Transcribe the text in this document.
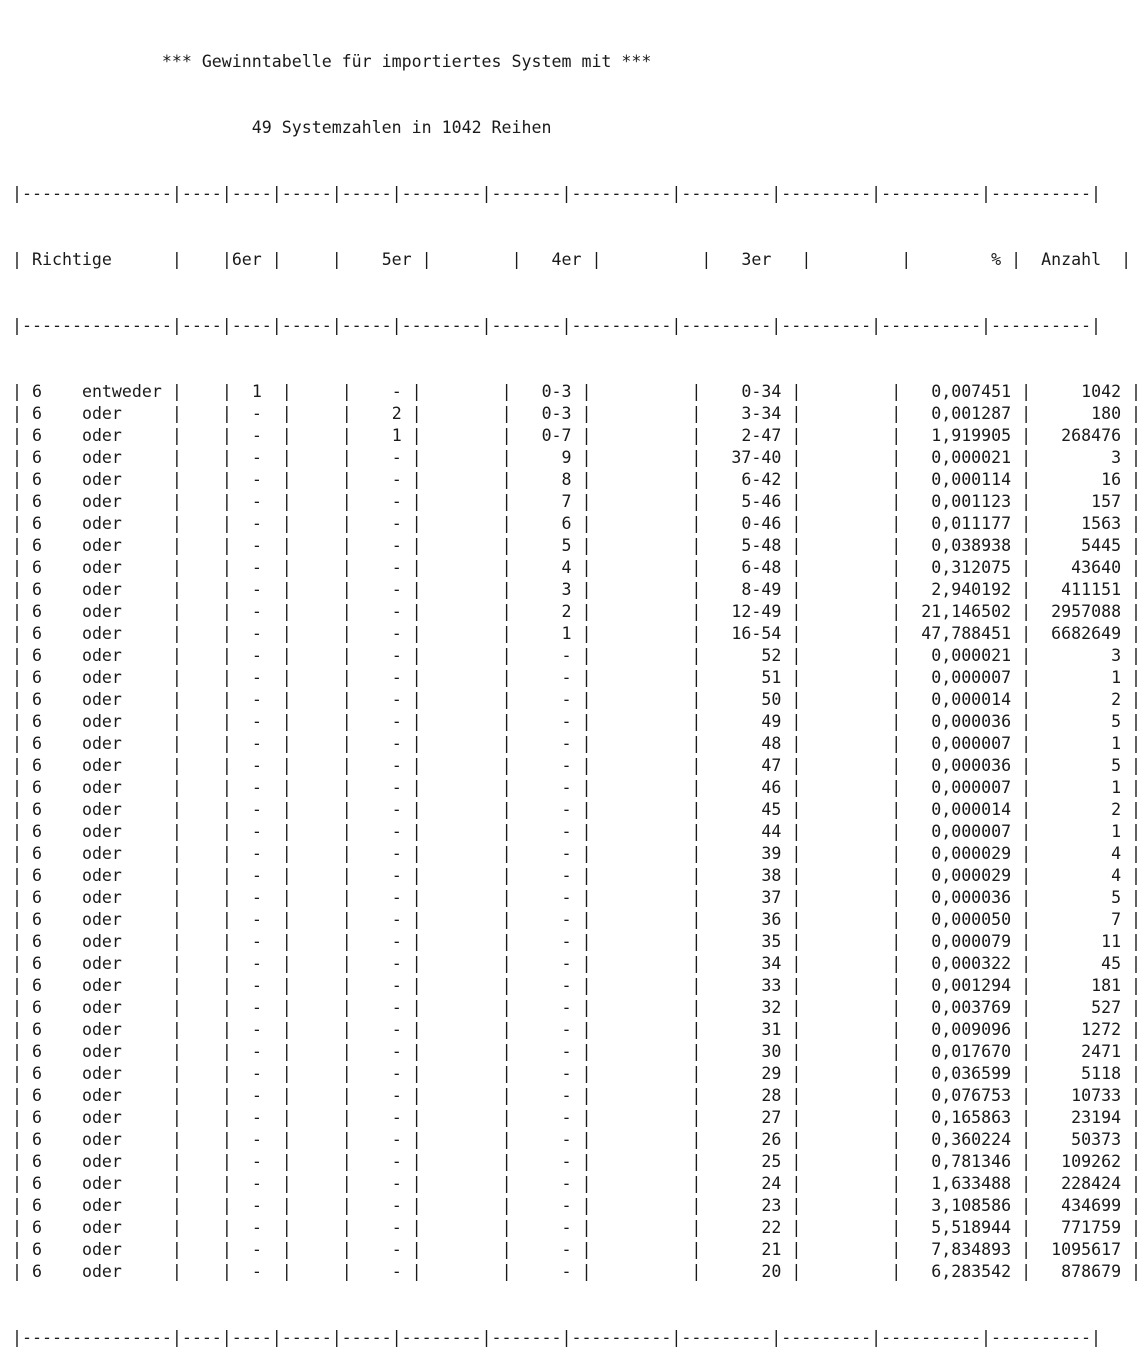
*** Gewinntabelle für importiertes System mit ***

49 Systemzahlen in 1042 Reihen

|---------------|----|----|-----|-----|--------|-------|----------|---------|---------|----------|----------|

| Richtige      |    |6er |     |    5er |        |   4er |          |   3er   |         |        % |  Anzahl  |

|---------------|----|----|-----|-----|--------|-------|----------|---------|---------|----------|----------|

| 6    entweder |    |  1  |     |    - |        |   0-3 |          |    0-34 |         |   0,007451 |     1042 |
| 6    oder     |    |  -  |     |    2 |        |   0-3 |          |    3-34 |         |   0,001287 |      180 |
| 6    oder     |    |  -  |     |    1 |        |   0-7 |          |    2-47 |         |   1,919905 |   268476 |
| 6    oder     |    |  -  |     |    - |        |     9 |          |   37-40 |         |   0,000021 |        3 |
| 6    oder     |    |  -  |     |    - |        |     8 |          |    6-42 |         |   0,000114 |       16 |
| 6    oder     |    |  -  |     |    - |        |     7 |          |    5-46 |         |   0,001123 |      157 |
| 6    oder     |    |  -  |     |    - |        |     6 |          |    0-46 |         |   0,011177 |     1563 |
| 6    oder     |    |  -  |     |    - |        |     5 |          |    5-48 |         |   0,038938 |     5445 |
| 6    oder     |    |  -  |     |    - |        |     4 |          |    6-48 |         |   0,312075 |    43640 |
| 6    oder     |    |  -  |     |    - |        |     3 |          |    8-49 |         |   2,940192 |   411151 |
| 6    oder     |    |  -  |     |    - |        |     2 |          |   12-49 |         |  21,146502 |  2957088 |
| 6    oder     |    |  -  |     |    - |        |     1 |          |   16-54 |         |  47,788451 |  6682649 |
| 6    oder     |    |  -  |     |    - |        |     - |          |      52 |         |   0,000021 |        3 |
| 6    oder     |    |  -  |     |    - |        |     - |          |      51 |         |   0,000007 |        1 |
| 6    oder     |    |  -  |     |    - |        |     - |          |      50 |         |   0,000014 |        2 |
| 6    oder     |    |  -  |     |    - |        |     - |          |      49 |         |   0,000036 |        5 |
| 6    oder     |    |  -  |     |    - |        |     - |          |      48 |         |   0,000007 |        1 |
| 6    oder     |    |  -  |     |    - |        |     - |          |      47 |         |   0,000036 |        5 |
| 6    oder     |    |  -  |     |    - |        |     - |          |      46 |         |   0,000007 |        1 |
| 6    oder     |    |  -  |     |    - |        |     - |          |      45 |         |   0,000014 |        2 |
| 6    oder     |    |  -  |     |    - |        |     - |          |      44 |         |   0,000007 |        1 |
| 6    oder     |    |  -  |     |    - |        |     - |          |      39 |         |   0,000029 |        4 |
| 6    oder     |    |  -  |     |    - |        |     - |          |      38 |         |   0,000029 |        4 |
| 6    oder     |    |  -  |     |    - |        |     - |          |      37 |         |   0,000036 |        5 |
| 6    oder     |    |  -  |     |    - |        |     - |          |      36 |         |   0,000050 |        7 |
| 6    oder     |    |  -  |     |    - |        |     - |          |      35 |         |   0,000079 |       11 |
| 6    oder     |    |  -  |     |    - |        |     - |          |      34 |         |   0,000322 |       45 |
| 6    oder     |    |  -  |     |    - |        |     - |          |      33 |         |   0,001294 |      181 |
| 6    oder     |    |  -  |     |    - |        |     - |          |      32 |         |   0,003769 |      527 |
| 6    oder     |    |  -  |     |    - |        |     - |          |      31 |         |   0,009096 |     1272 |
| 6    oder     |    |  -  |     |    - |        |     - |          |      30 |         |   0,017670 |     2471 |
| 6    oder     |    |  -  |     |    - |        |     - |          |      29 |         |   0,036599 |     5118 |
| 6    oder     |    |  -  |     |    - |        |     - |          |      28 |         |   0,076753 |    10733 |
| 6    oder     |    |  -  |     |    - |        |     - |          |      27 |         |   0,165863 |    23194 |
| 6    oder     |    |  -  |     |    - |        |     - |          |      26 |         |   0,360224 |    50373 |
| 6    oder     |    |  -  |     |    - |        |     - |          |      25 |         |   0,781346 |   109262 |
| 6    oder     |    |  -  |     |    - |        |     - |          |      24 |         |   1,633488 |   228424 |
| 6    oder     |    |  -  |     |    - |        |     - |          |      23 |         |   3,108586 |   434699 |
| 6    oder     |    |  -  |     |    - |        |     - |          |      22 |         |   5,518944 |   771759 |
| 6    oder     |    |  -  |     |    - |        |     - |          |      21 |         |   7,834893 |  1095617 |
| 6    oder     |    |  -  |     |    - |        |     - |          |      20 |         |   6,283542 |   878679 |

|---------------|----|----|-----|-----|--------|-------|----------|---------|---------|----------|----------|
